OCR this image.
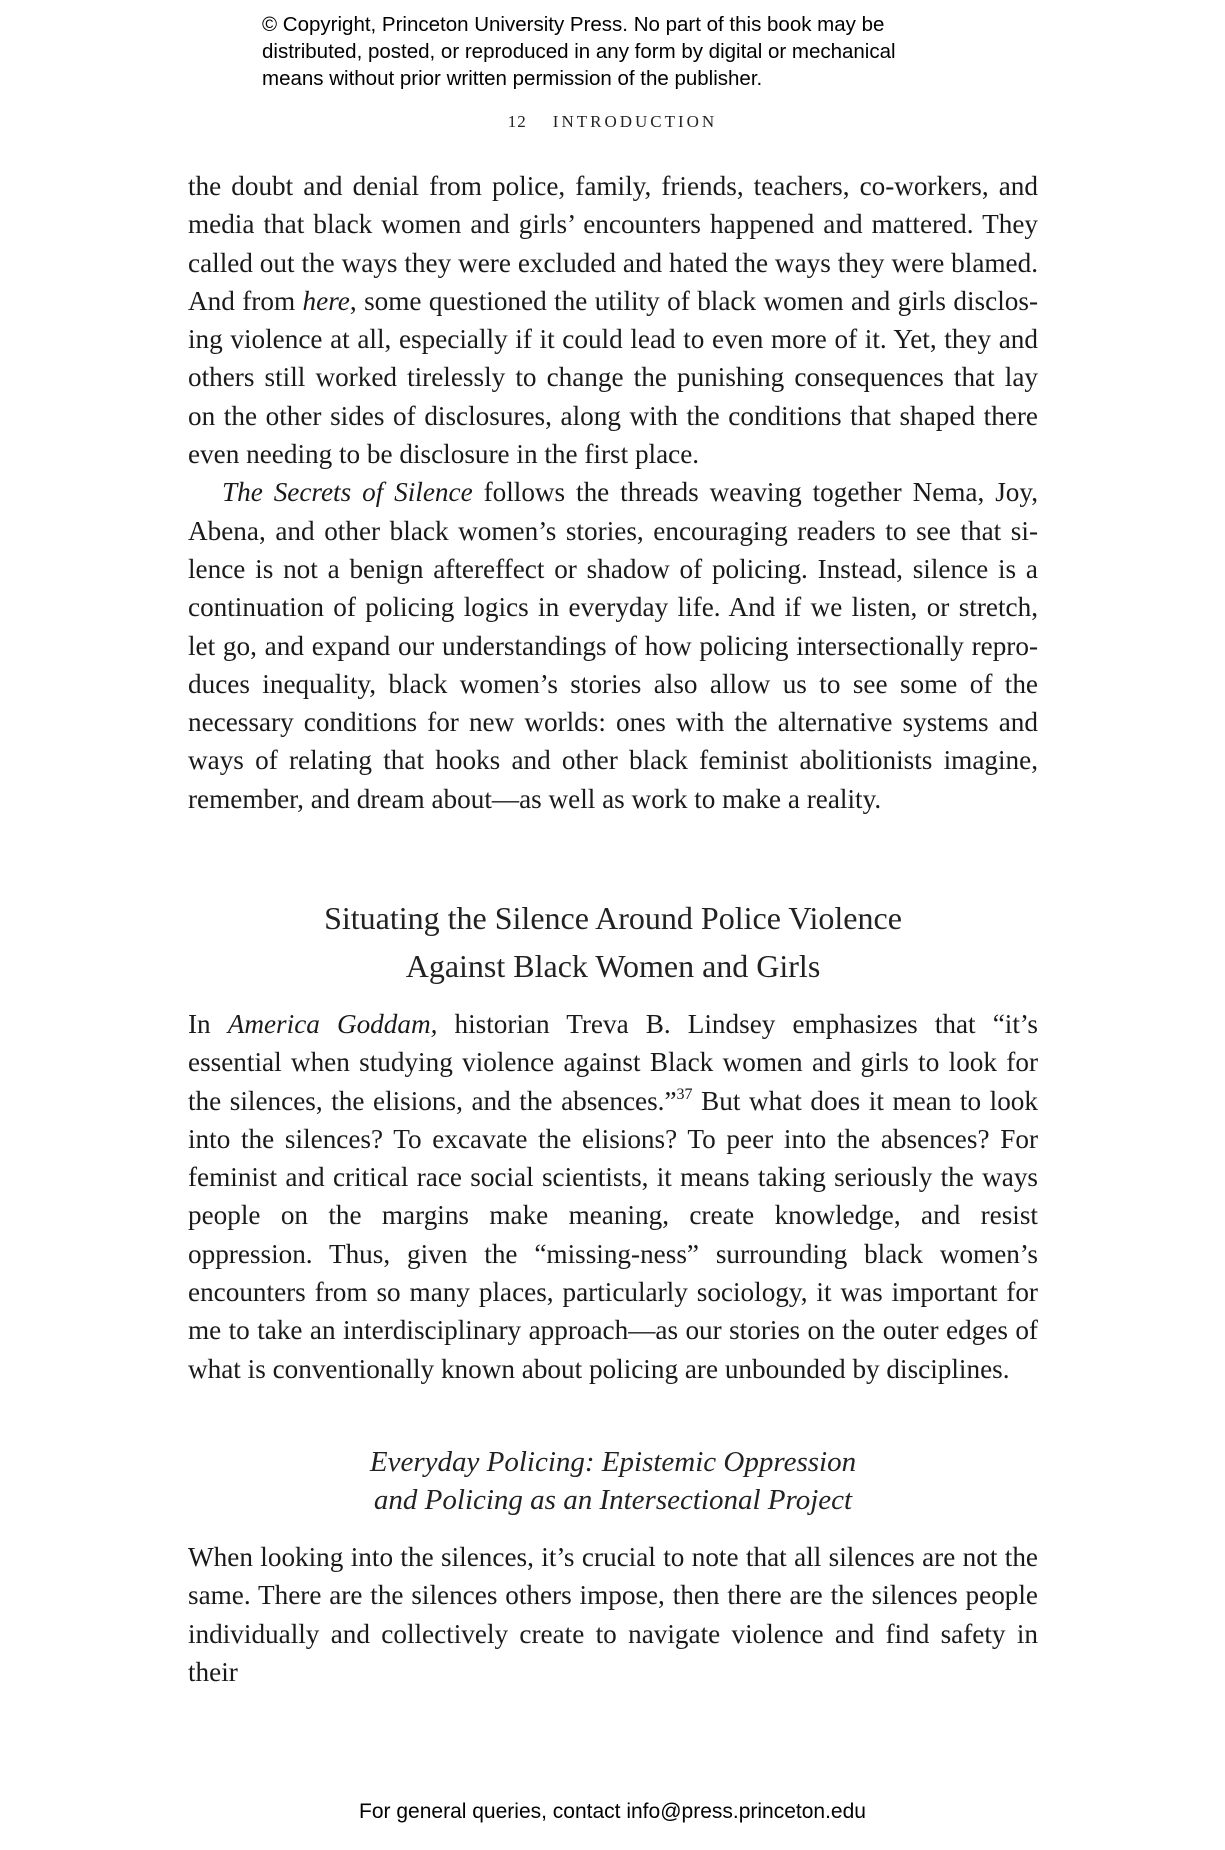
© Copyright, Princeton University Press. No part of this book may be
distributed, posted, or reproduced in any form by digital or mechanical
means without prior written permission of the publisher.
12 INTRODUCTION

the doubt and denial from police, family, friends, teachers, co-workers, and media that black women and girls’ encounters happened and mattered. They called out the ways they were excluded and hated the ways they were blamed. And from here, some questioned the utility of black women and girls disclosing violence at all, especially if it could lead to even more of it. Yet, they and others still worked tirelessly to change the punishing consequences that lay on the other sides of disclosures, along with the conditions that shaped there even needing to be disclosure in the first place.

The Secrets of Silence follows the threads weaving together Nema, Joy, Abena, and other black women’s stories, encouraging readers to see that silence is not a benign aftereffect or shadow of policing. Instead, silence is a continuation of policing logics in everyday life. And if we listen, or stretch, let go, and expand our understandings of how policing intersectionally reproduces inequality, black women’s stories also allow us to see some of the necessary conditions for new worlds: ones with the alternative systems and ways of relating that hooks and other black feminist abolitionists imagine, remember, and dream about—as well as work to make a reality.

Situating the Silence Around Police Violence
Against Black Women and Girls

In America Goddam, historian Treva B. Lindsey emphasizes that “it’s essential when studying violence against Black women and girls to look for the silences, the elisions, and the absences.”$^{37}$ But what does it mean to look into the silences? To excavate the elisions? To peer into the absences? For feminist and critical race social scientists, it means taking seriously the ways people on the margins make meaning, create knowledge, and resist oppression. Thus, given the “missing-ness” surrounding black women’s encounters from so many places, particularly sociology, it was important for me to take an interdisciplinary approach—as our stories on the outer edges of what is conventionally known about policing are unbounded by disciplines.

Everyday Policing: Epistemic Oppression
and Policing as an Intersectional Project

When looking into the silences, it’s crucial to note that all silences are not the same. There are the silences others impose, then there are the silences people individually and collectively create to navigate violence and find safety in their

For general queries, contact info@press.princeton.edu
